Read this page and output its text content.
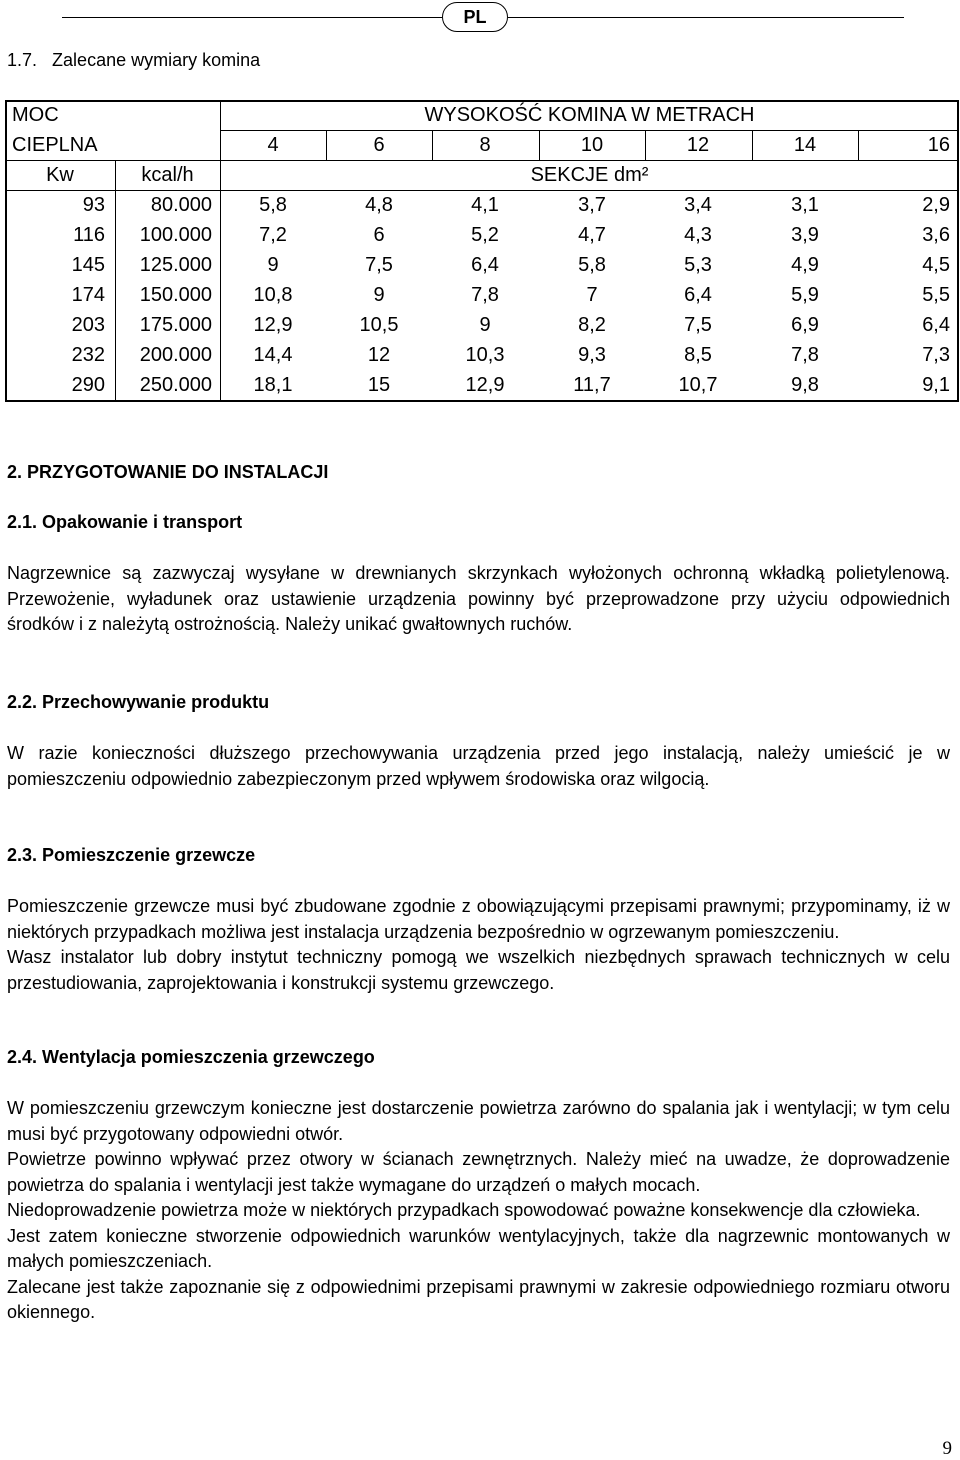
PL
1.7. Zalecane wymiary komina
MOC
CIEPLNA
WYSOKOŚĆ KOMINA W METRACH
SEKCJE dm²
Kw	kcal/h
4	6	8	10	12	14	16
93	80.000	5,8	4,8	4,1	3,7	3,4	3,1	2,9
116	100.000	7,2	6	5,2	4,7	4,3	3,9	3,6
145	125.000	9	7,5	6,4	5,8	5,3	4,9	4,5
174	150.000	10,8	9	7,8	7	6,4	5,9	5,5
203	175.000	12,9	10,5	9	8,2	7,5	6,9	6,4
232	200.000	14,4	12	10,3	9,3	8,5	7,8	7,3
290	250.000	18,1	15	12,9	11,7	10,7	9,8	9,1
2. PRZYGOTOWANIE DO INSTALACJI
2.1. Opakowanie i transport

Nagrzewnice są zazwyczaj wysyłane w drewnianych skrzynkach wyłożonych ochronną wkładką polietylenową. Przewożenie, wyładunek oraz ustawienie urządzenia powinny być przeprowadzone przy użyciu odpowiednich środków i z należytą ostrożnością. Należy unikać gwałtownych ruchów.

2.2. Przechowywanie produktu

W razie konieczności dłuższego przechowywania urządzenia przed jego instalacją, należy umieścić je w pomieszczeniu odpowiednio zabezpieczonym przed wpływem środowiska oraz wilgocią.

2.3. Pomieszczenie grzewcze

Pomieszczenie grzewcze musi być zbudowane zgodnie z obowiązującymi przepisami prawnymi; przypominamy, iż w niektórych przypadkach możliwa jest instalacja urządzenia bezpośrednio w ogrzewanym pomieszczeniu.

Wasz instalator lub dobry instytut techniczny pomogą we wszelkich niezbędnych sprawach technicznych w celu przestudiowania, zaprojektowania i konstrukcji systemu grzewczego.

2.4. Wentylacja pomieszczenia grzewczego

W pomieszczeniu grzewczym konieczne jest dostarczenie powietrza zarówno do spalania jak i wentylacji; w tym celu musi być przygotowany odpowiedni otwór.

Powietrze powinno wpływać przez otwory w ścianach zewnętrznych. Należy mieć na uwadze, że doprowadzenie powietrza do spalania i wentylacji jest także wymagane do urządzeń o małych mocach.

Niedoprowadzenie powietrza może w niektórych przypadkach spowodować poważne konsekwencje dla człowieka.

Jest zatem konieczne stworzenie odpowiednich warunków wentylacyjnych, także dla nagrzewnic montowanych w małych pomieszczeniach.

Zalecane jest także zapoznanie się z odpowiednimi przepisami prawnymi w zakresie odpowiedniego rozmiaru otworu okiennego.

9
